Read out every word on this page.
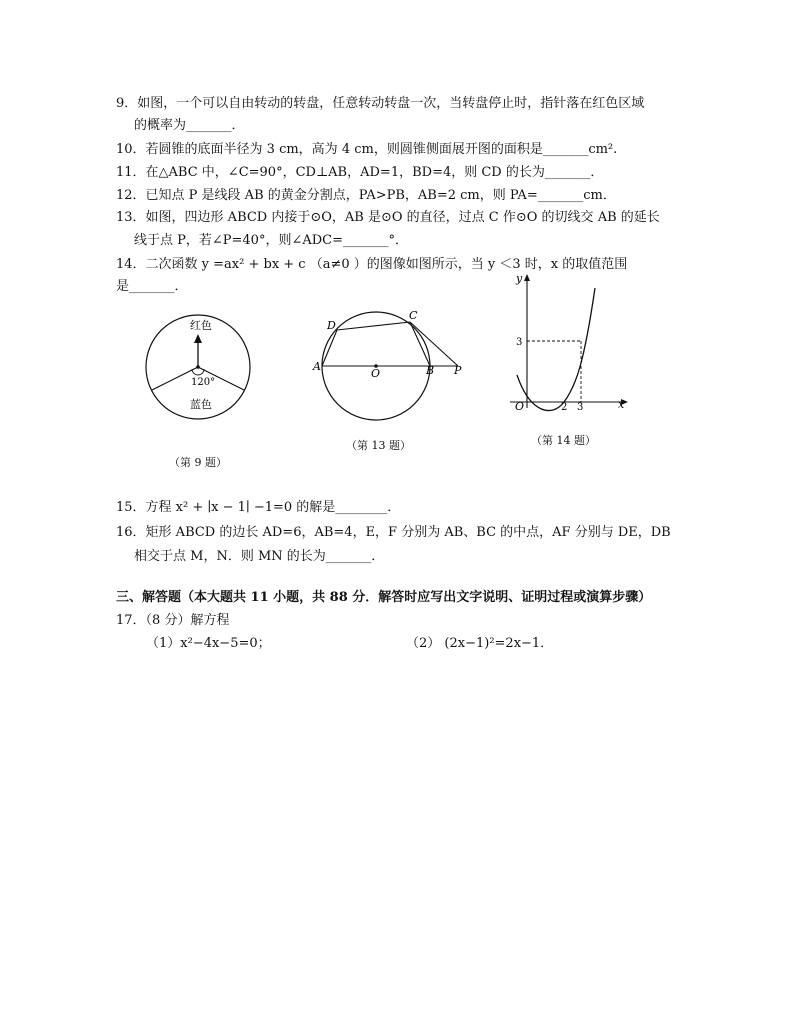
9．如图，一个可以自由转动的转盘，任意转动转盘一次，当转盘停止时，指针落在红色区域
的概率为_______．
10．若圆锥的底面半径为 3 cm，高为 4 cm，则圆锥侧面展开图的面积是_______cm².
11．在△ABC 中，∠C=90°，CD⊥AB，AD=1，BD=4，则 CD 的长为_______．
12．已知点 P 是线段 AB 的黄金分割点，PA>PB，AB=2 cm，则 PA=_______cm．
13．如图，四边形 ABCD 内接于⊙O，AB 是⊙O 的直径，过点 C 作⊙O 的切线交 AB 的延长
线于点 P，若∠P=40°，则∠ADC=_______°．
14．二次函数 y =ax² + bx + c （a≠0 ）的图像如图所示，当 y ＜3 时，x 的取值范围
是_______．
红色
120°
蓝色
（第 9 题）
D
C
A
O	B P
（第 13 题）
y
x
O
3
2 3
（第 14 题）
15．方程 x² + ∣x − 1∣ −1=0 的解是________．
16．矩形 ABCD 的边长 AD=6，AB=4，E，F 分别为 AB、BC 的中点，AF 分别与 DE，DB
相交于点 M，N．则 MN 的长为_______．
三、解答题（本大题共 11 小题，共 88 分．解答时应写出文字说明、证明过程或演算步骤）
17．（8 分）解方程
（1）x²−4x−5=0；	（2） (2x−1)²=2x−1．
